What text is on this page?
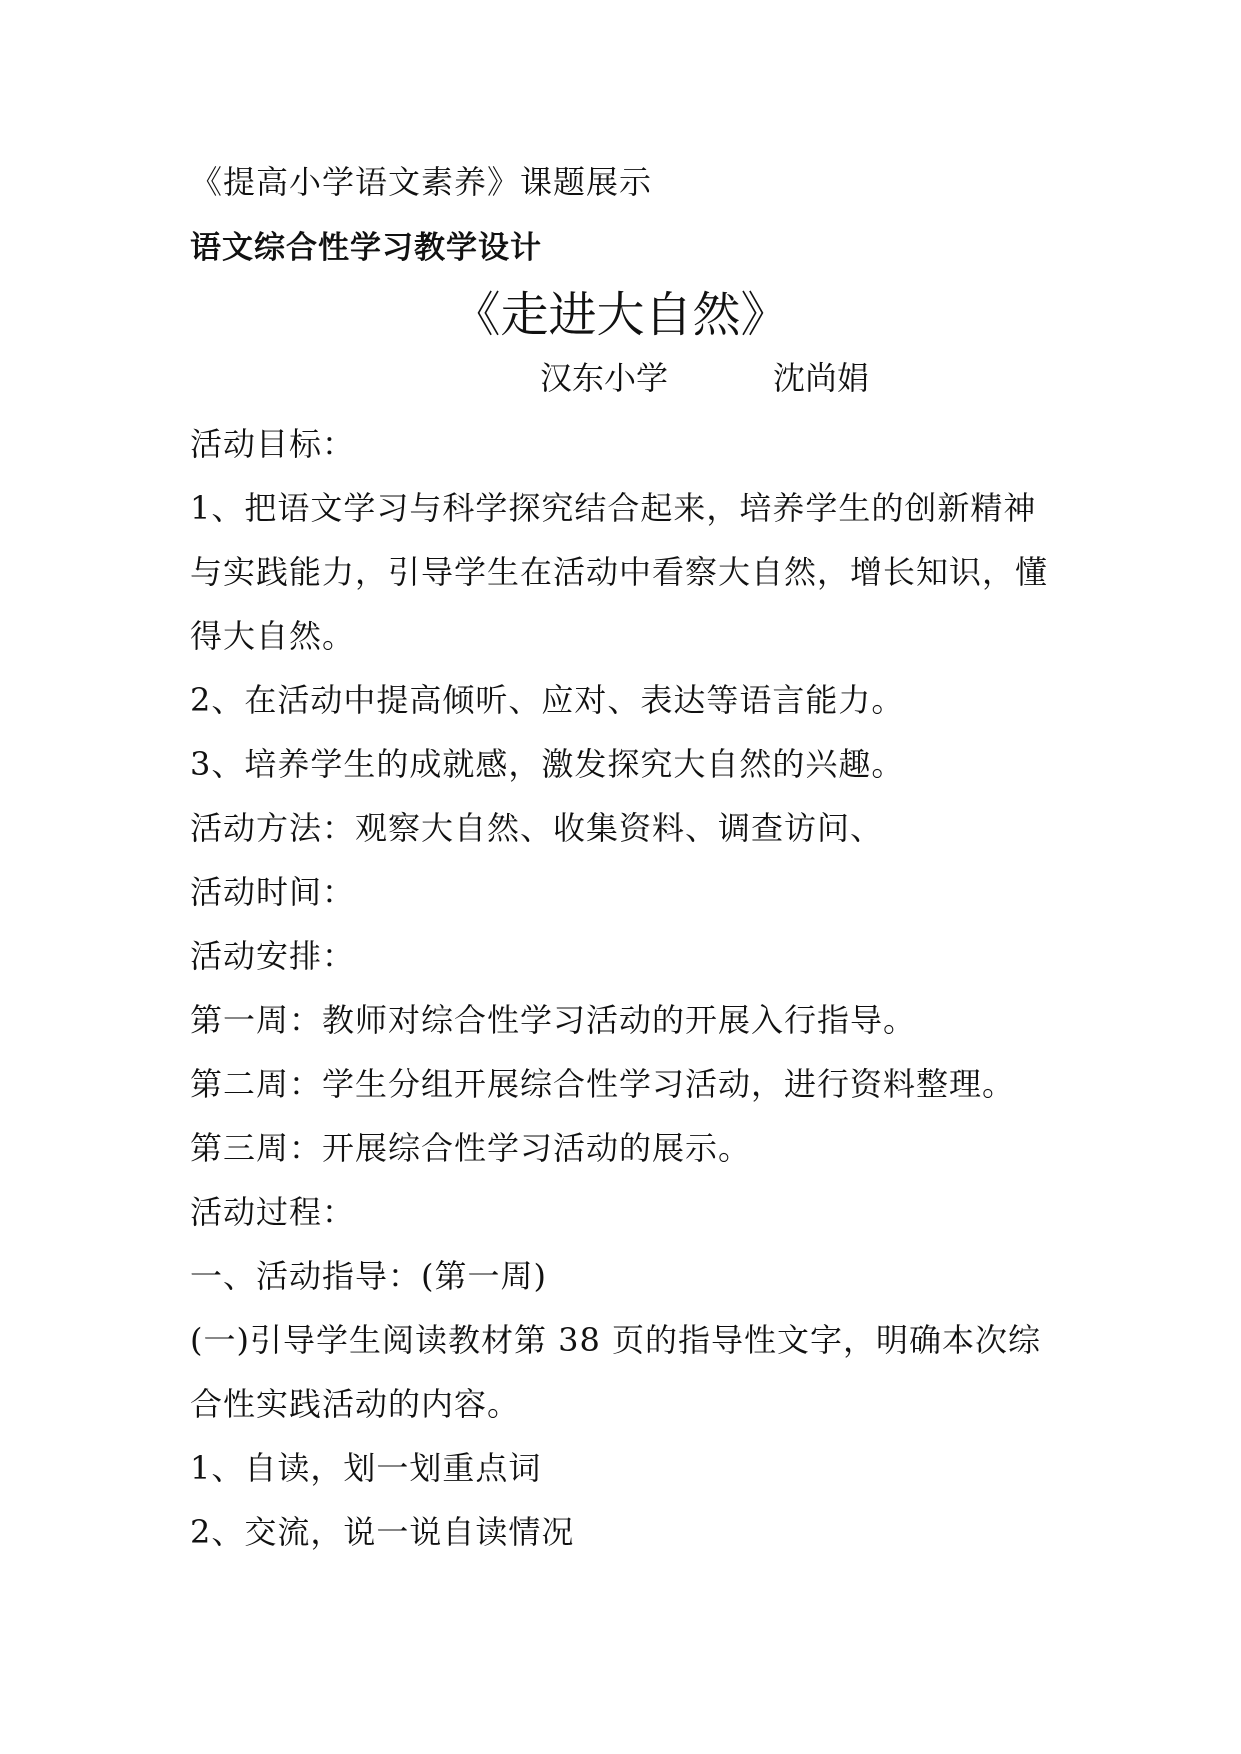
《提高小学语文素养》课题展示
语文综合性学习教学设计
《走进大自然》
汉东小学	沈尚娟
活动目标：
1、把语文学习与科学探究结合起来，培养学生的创新精神
与实践能力，引导学生在活动中看察大自然，增长知识，懂
得大自然。
2、在活动中提高倾听、应对、表达等语言能力。
3、培养学生的成就感，激发探究大自然的兴趣。
活动方法：观察大自然、收集资料、调查访问、
活动时间：
活动安排：
第一周：教师对综合性学习活动的开展入行指导。
第二周：学生分组开展综合性学习活动，进行资料整理。
第三周：开展综合性学习活动的展示。
活动过程：
一、活动指导：(第一周)
(一)引导学生阅读教材第 38 页的指导性文字，明确本次综
合性实践活动的内容。
1、自读，划一划重点词
2、交流，说一说自读情况
